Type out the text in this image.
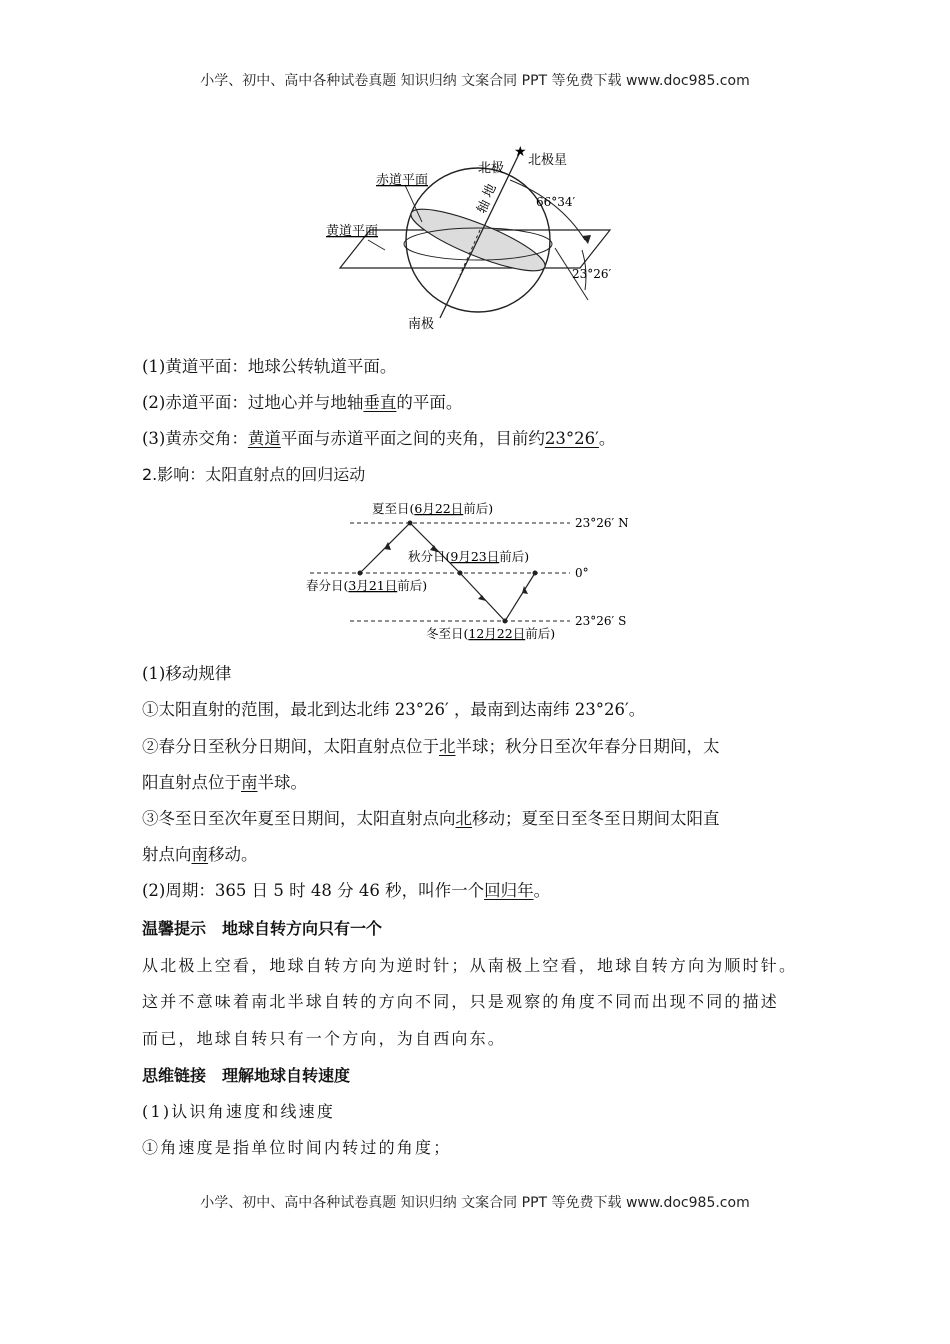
小学、初中、高中各种试卷真题 知识归纳 文案合同 PPT 等免费下载 www.doc985.com
★
北极
北极星
地
轴	66°34′
赤道平面
黄道平面
23°26′
南极
(1)黄道平面：地球公转轨道平面。
(2)赤道平面：过地心并与地轴垂直的平面。
(3)黄赤交角：黄道平面与赤道平面之间的夹角，目前约23°26′。
2.影响：太阳直射点的回归运动
夏至日(6月22日前后)
秋分日(9月23日前后)
春分日(3月21日前后)
冬至日(12月22日前后)
23°26′ N
0°
23°26′ S
(1)移动规律
①太阳直射的范围，最北到达北纬 23°26′ ，最南到达南纬 23°26′。
②春分日至秋分日期间，太阳直射点位于北半球；秋分日至次年春分日期间，太
阳直射点位于南半球。
③冬至日至次年夏至日期间，太阳直射点向北移动；夏至日至冬至日期间太阳直
射点向南移动。
(2)周期：365 日 5 时 48 分 46 秒，叫作一个回归年。
温馨提示　地球自转方向只有一个
从北极上空看，地球自转方向为逆时针；从南极上空看，地球自转方向为顺时针。
这并不意味着南北半球自转的方向不同，只是观察的角度不同而出现不同的描述
而已，地球自转只有一个方向，为自西向东。
思维链接　理解地球自转速度
(1)认识角速度和线速度
①角速度是指单位时间内转过的角度；
小学、初中、高中各种试卷真题 知识归纳 文案合同 PPT 等免费下载 www.doc985.com
